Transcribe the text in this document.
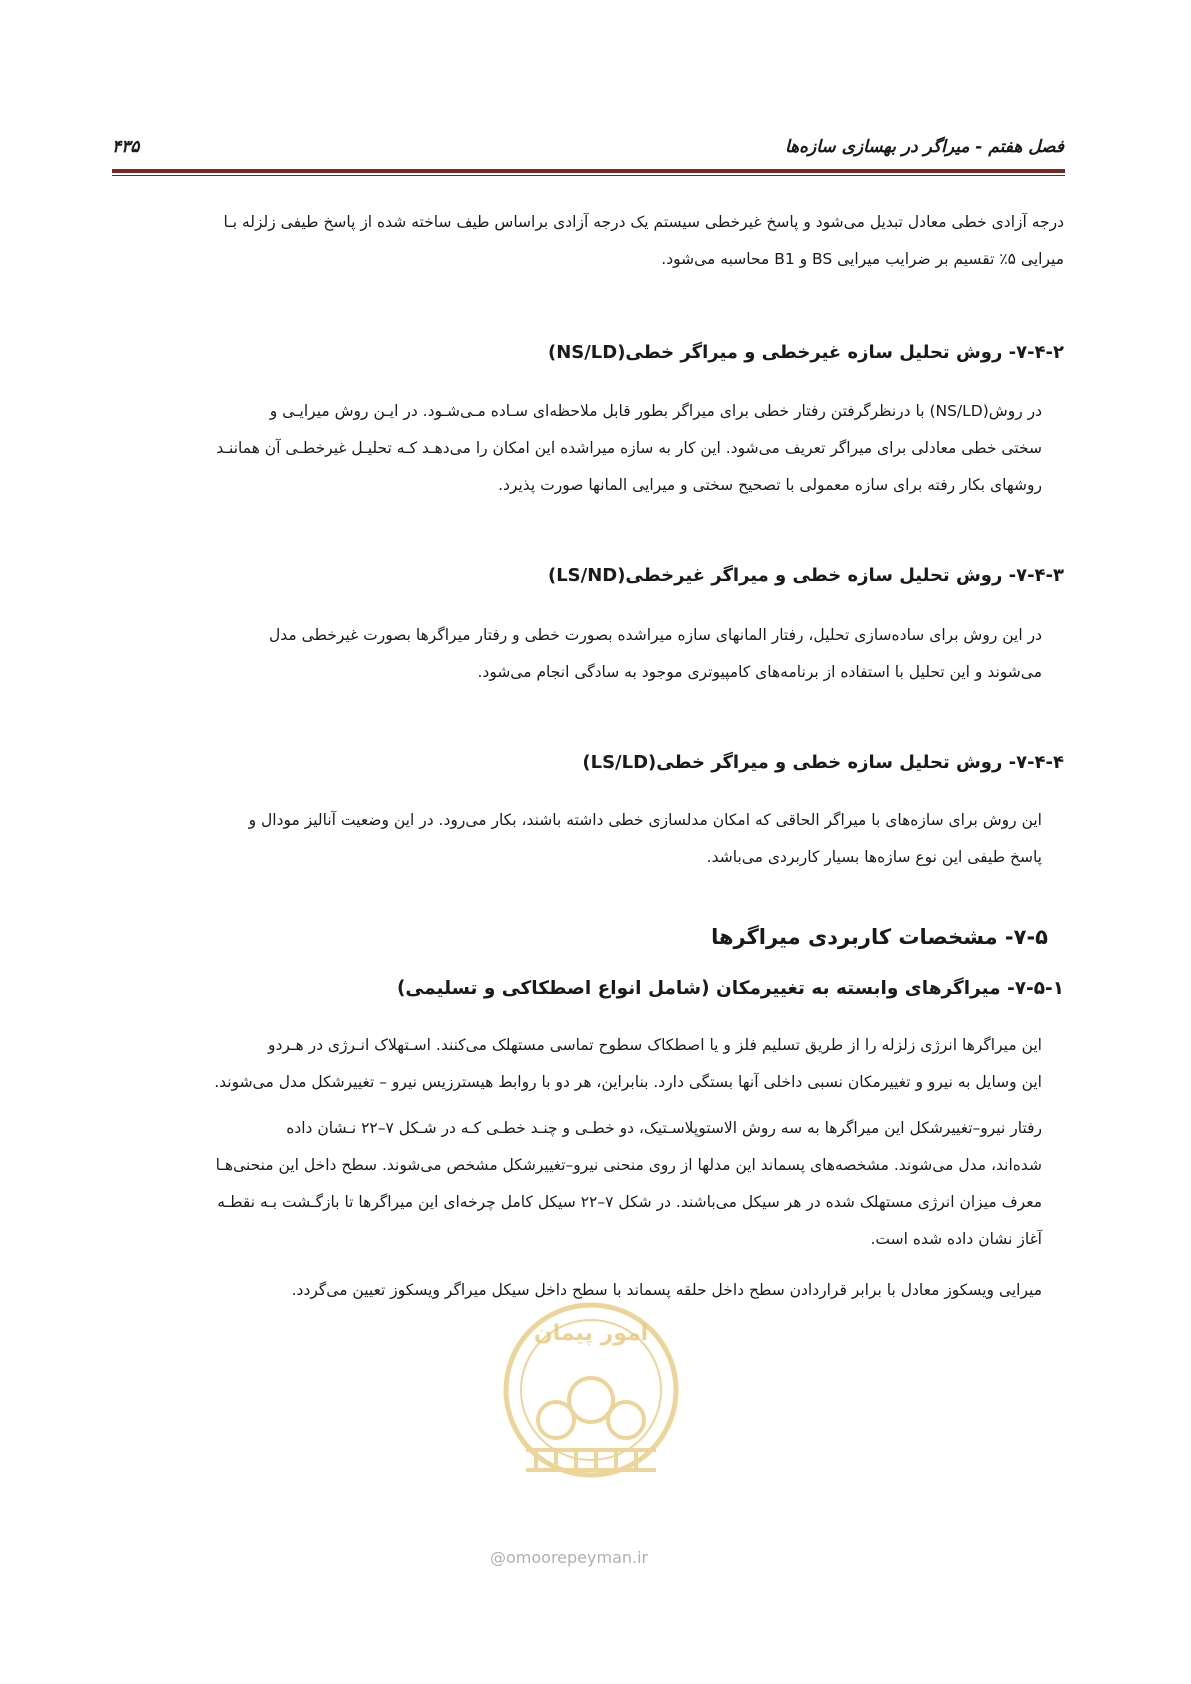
فصل هفتم - میراگر در بهسازی سازه‌ها
۴۳۵
درجه آزادی خطی معادل تبدیل می‌شود و پاسخ غیرخطی سیستم یک درجه آزادی براساس طیف ساخته شده از پاسخ طیفی زلزله بـا
میرایی ۵٪ تقسیم بر ضرایب میرایی BS و B1 محاسبه می‌شود.
۷-۴-۲- روش تحلیل سازه غیرخطی و میراگر خطی(NS/LD)
در روش(NS/LD) با درنظرگرفتن رفتار خطی برای میراگر بطور قابل ملاحظه‌ای سـاده مـی‌شـود. در ایـن روش میرایـی و
سختی خطی معادلی برای میراگر تعریف می‌شود. این کار به سازه میراشده این امکان را می‌دهـد کـه تحلیـل غیرخطـی آن هماننـد
روشهای بکار رفته برای سازه معمولی با تصحیح سختی و میرایی المانها صورت پذیرد.
۷-۴-۳- روش تحلیل سازه خطی و میراگر غیرخطی(LS/ND)
در این روش برای ساده‌سازی تحلیل، رفتار المانهای سازه میراشده بصورت خطی و رفتار میراگرها بصورت غیرخطی مدل
می‌شوند و این تحلیل با استفاده از برنامه‌های کامپیوتری موجود به سادگی انجام می‌شود.
۷-۴-۴- روش تحلیل سازه خطی و میراگر خطی(LS/LD)
این روش برای سازه‌های با میراگر الحاقی که امکان مدلسازی خطی داشته باشند، بکار می‌رود. در این وضعیت آنالیز مودال و
پاسخ طیفی این نوع سازه‌ها بسیار کاربردی می‌باشد.
۷-۵- مشخصات کاربردی میراگرها
۷-۵-۱- میراگرهای وابسته به تغییرمکان (شامل انواع اصطکاکی و تسلیمی)
این میراگرها انرژی زلزله را از طریق تسلیم فلز و یا اصطکاک سطوح تماسی مستهلک می‌کنند. اسـتهلاک انـرژی در هـردو
این وسایل به نیرو و تغییرمکان نسبی داخلی آنها بستگی دارد. بنابراین، هر دو با روابط هیسترزیس نیرو – تغییرشکل مدل می‌شوند.
رفتار نیرو–تغییرشکل این میراگرها به سه روش الاستوپلاسـتیک، دو خطـی و چنـد خطـی کـه در شـکل ۷–۲۲ نـشان داده
شده‌اند، مدل می‌شوند. مشخصه‌های پسماند این مدلها از روی منحنی نیرو–تغییرشکل مشخص می‌شوند. سطح داخل این منحنی‌هـا
معرف میزان انرژی مستهلک شده در هر سیکل می‌باشند. در شکل ۷–۲۲ سیکل کامل چرخه‌ای این میراگرها تا بازگـشت بـه نقطـه
آغاز نشان داده شده است.
میرایی ویسکوز معادل با برابر قراردادن سطح داخل حلقه پسماند با سطح داخل سیکل میراگر ویسکوز تعیین می‌گردد.
امور پیمان
@omoorepeyman.ir
